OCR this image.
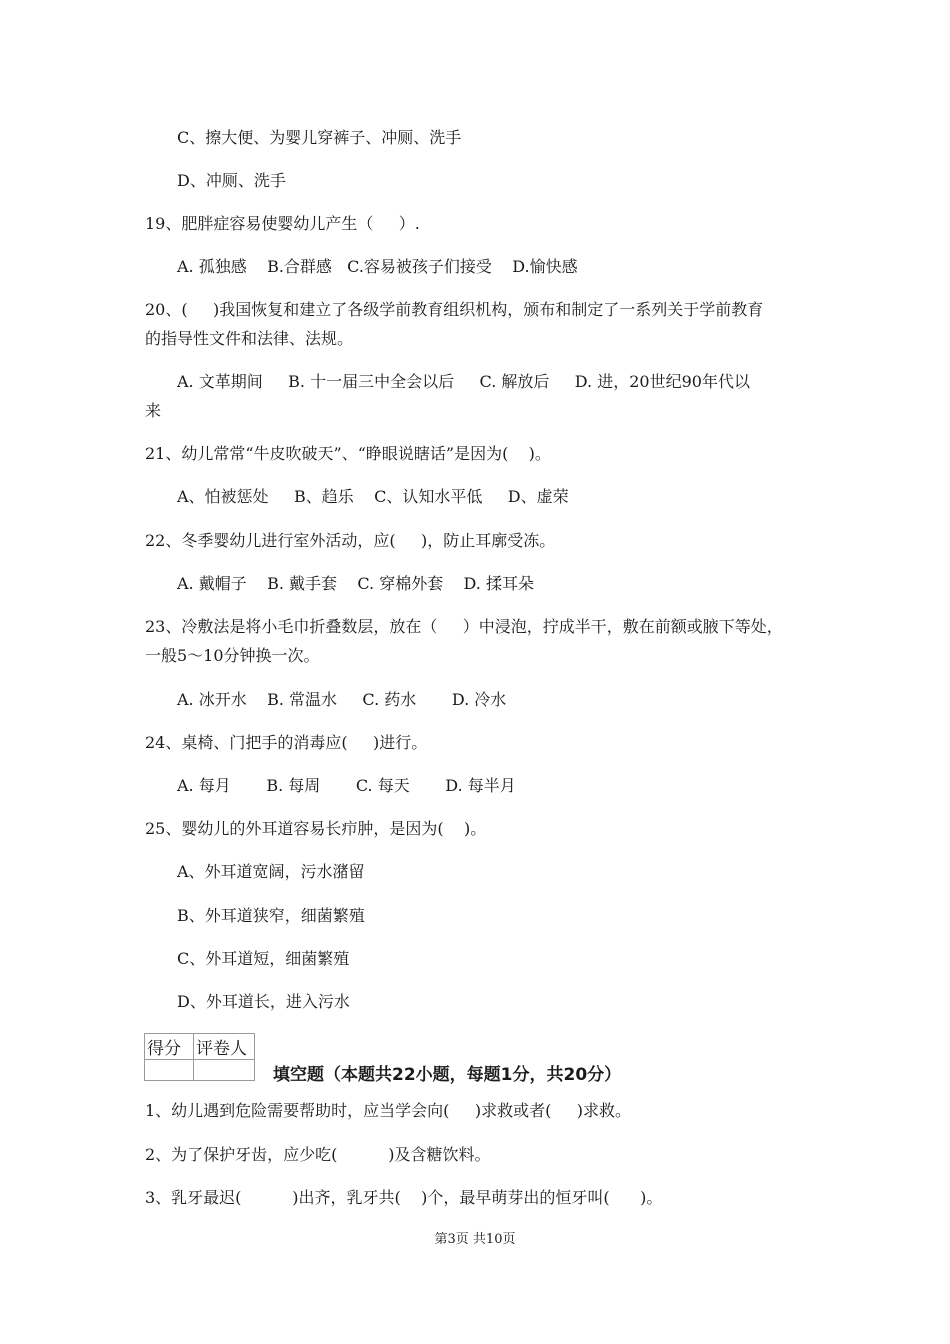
C、擦大便、为婴儿穿裤子、冲厕、洗手

D、冲厕、洗手

19、肥胖症容易使婴幼儿产生（     ）.

A. 孤独感    B.合群感   C.容易被孩子们接受    D.愉快感

20、(     )我国恢复和建立了各级学前教育组织机构，颁布和制定了一系列关于学前教育

的指导性文件和法律、法规。

A. 文革期间     B. 十一届三中全会以后     C. 解放后     D. 进，20世纪90年代以

来

21、幼儿常常“牛皮吹破天”、“睁眼说瞎话”是因为(    )。

A、怕被惩处     B、趋乐    C、认知水平低     D、虚荣

22、冬季婴幼儿进行室外活动，应(     )，防止耳廓受冻。

A. 戴帽子    B. 戴手套    C. 穿棉外套    D. 揉耳朵

23、冷敷法是将小毛巾折叠数层，放在（     ）中浸泡，拧成半干，敷在前额或腋下等处，

一般5～10分钟换一次。

A. 冰开水    B. 常温水     C. 药水       D. 冷水

24、桌椅、门把手的消毒应(     )进行。

A. 每月       B. 每周       C. 每天       D. 每半月

25、婴幼儿的外耳道容易长疖肿，是因为(    )。

A、外耳道宽阔，污水潴留

B、外耳道狭窄，细菌繁殖

C、外耳道短，细菌繁殖

D、外耳道长，进入污水

得分	评卷人

填空题（本题共22小题，每题1分，共20分）

1、幼儿遇到危险需要帮助时，应当学会向(     )求救或者(     )求救。

2、为了保护牙齿，应少吃(          )及含糖饮料。

3、乳牙最迟(          )出齐，乳牙共(    )个，最早萌芽出的恒牙叫(      )。

第3页 共10页
